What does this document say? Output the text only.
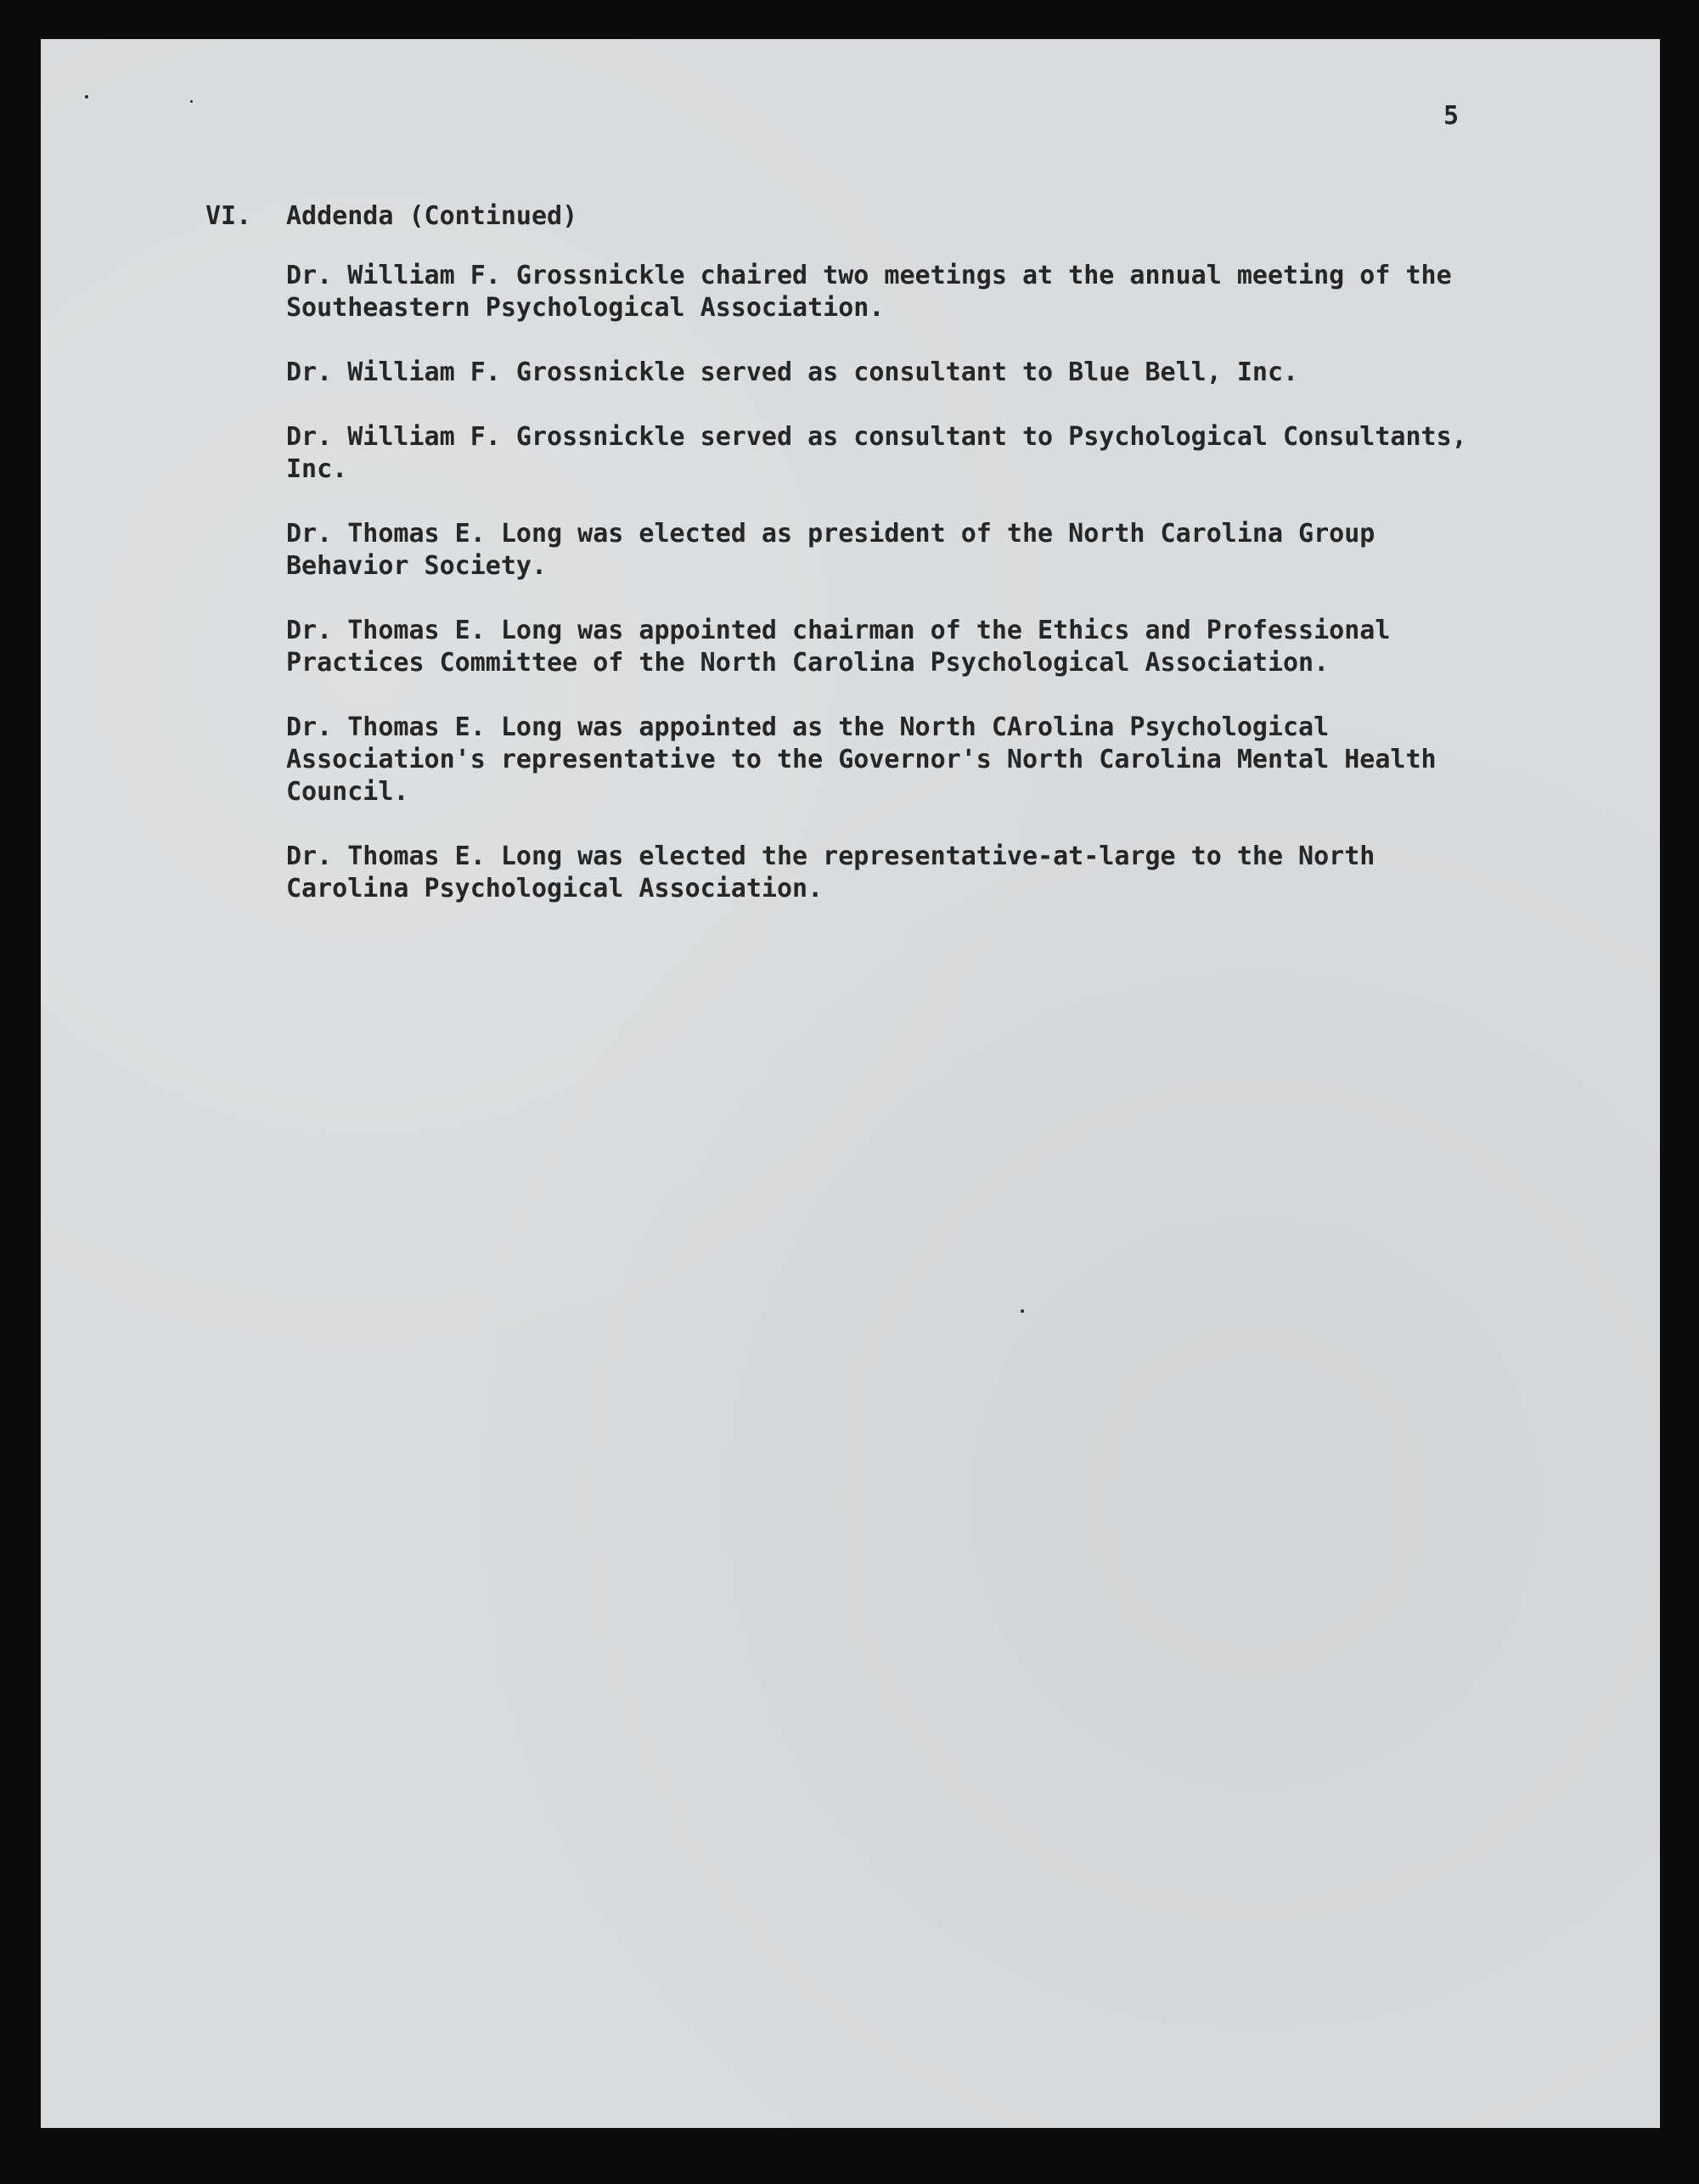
5
VI. Addenda (Continued)

Dr. William F. Grossnickle chaired two meetings at the annual meeting of the
Southeastern Psychological Association.

Dr. William F. Grossnickle served as consultant to Blue Bell, Inc.

Dr. William F. Grossnickle served as consultant to Psychological Consultants,
Inc.

Dr. Thomas E. Long was elected as president of the North Carolina Group
Behavior Society.

Dr. Thomas E. Long was appointed chairman of the Ethics and Professional
Practices Committee of the North Carolina Psychological Association.

Dr. Thomas E. Long was appointed as the North CArolina Psychological
Association's representative to the Governor's North Carolina Mental Health
Council.

Dr. Thomas E. Long was elected the representative-at-large to the North
Carolina Psychological Association.
